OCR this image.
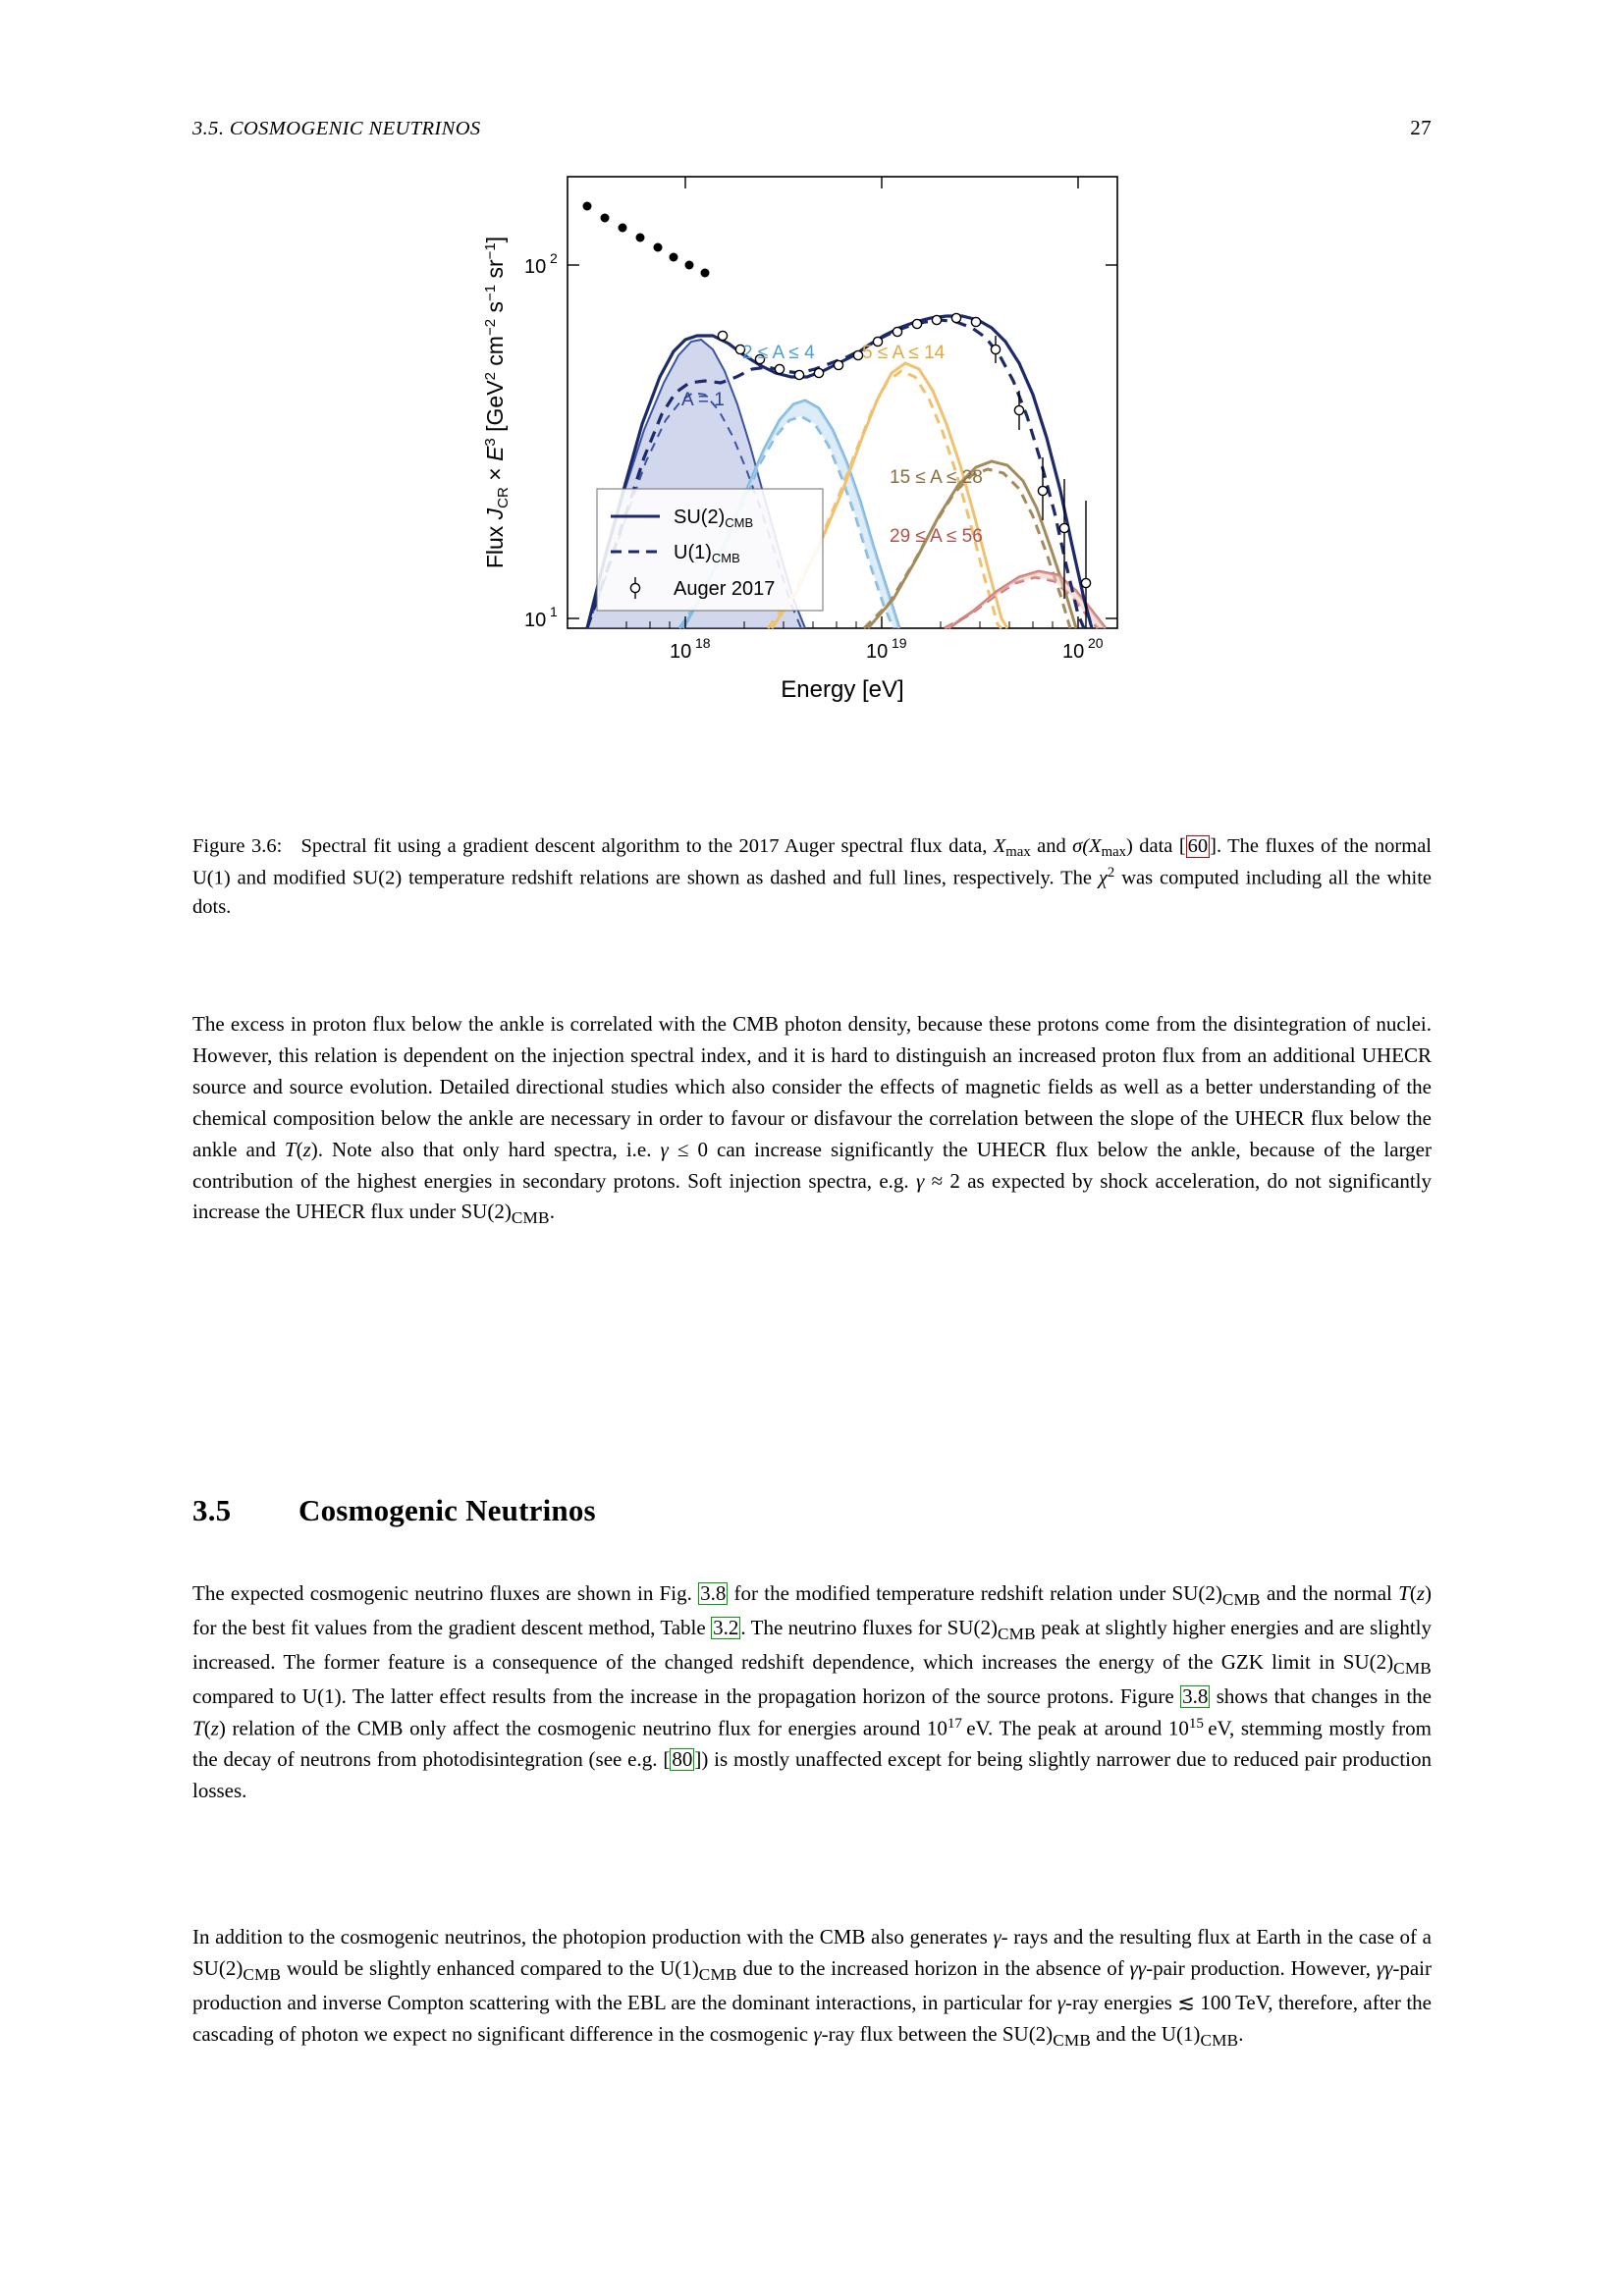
3.5. COSMOGENIC NEUTRINOS	27
10 18	10 19	10 20
10 2
10 1
Energy [eV]
Flux $J_{CR} \times E^3$ [GeV$^2$ $cm^{-2}$ $s^{-1}$ $sr^{-1}$]
A = 1
2 ≤ A ≤ 4	5 ≤ A ≤ 14
15 ≤ A ≤ 28
29 ≤ A ≤ 56
$SU(2)_{CMB}$
$U(1)_{CMB}$
Auger 2017
Figure 3.6: Spectral fit using a gradient descent algorithm to the 2017 Auger spectral flux data, $X_{max}$ and $\sigma(X_{max})$ data [60]. The fluxes of the normal U(1) and modified SU(2) temperature redshift relations are shown as dashed and full lines, respectively. The $\chi^2$ was computed including all the white dots.
The excess in proton flux below the ankle is correlated with the CMB photon density, because these protons come from the disintegration of nuclei. However, this relation is dependent on the injection spectral index, and it is hard to distinguish an increased proton flux from an additional UHECR source and source evolution. Detailed directional studies which also consider the effects of magnetic fields as well as a better understanding of the chemical composition below the ankle are necessary in order to favour or disfavour the correlation between the slope of the UHECR flux below the ankle and T(z). Note also that only hard spectra, i.e. γ ≤ 0 can increase significantly the UHECR flux below the ankle, because of the larger contribution of the highest energies in secondary protons. Soft injection spectra, e.g. γ ≈ 2 as expected by shock acceleration, do not significantly increase the UHECR flux under $SU(2)_{CMB}$.
3.5 Cosmogenic Neutrinos
The expected cosmogenic neutrino fluxes are shown in Fig. 3.8 for the modified temperature redshift relation under $SU(2)_{CMB}$ and the normal T(z) for the best fit values from the gradient descent method, Table 3.2. The neutrino fluxes for $SU(2)_{CMB}$ peak at slightly higher energies and are slightly increased. The former feature is a consequence of the changed redshift dependence, which increases the energy of the GZK limit in $SU(2)_{CMB}$ compared to U(1). The latter effect results from the increase in the propagation horizon of the source protons. Figure 3.8 shows that changes in the T(z) relation of the CMB only affect the cosmogenic neutrino flux for energies around $10^{17}$ eV. The peak at around $10^{15}$ eV, stemming mostly from the decay of neutrons from photodisintegration (see e.g. [80]) is mostly unaffected except for being slightly narrower due to reduced pair production losses.
In addition to the cosmogenic neutrinos, the photopion production with the CMB also generates γ- rays and the resulting flux at Earth in the case of a $SU(2)_{CMB}$ would be slightly enhanced compared to the $U(1)_{CMB}$ due to the increased horizon in the absence of γγ-pair production. However, γγ-pair production and inverse Compton scattering with the EBL are the dominant interactions, in particular for γ-ray energies ≲ 100 TeV, therefore, after the cascading of photon we expect no significant difference in the cosmogenic γ-ray flux between the $SU(2)_{CMB}$ and the $U(1)_{CMB}$.
